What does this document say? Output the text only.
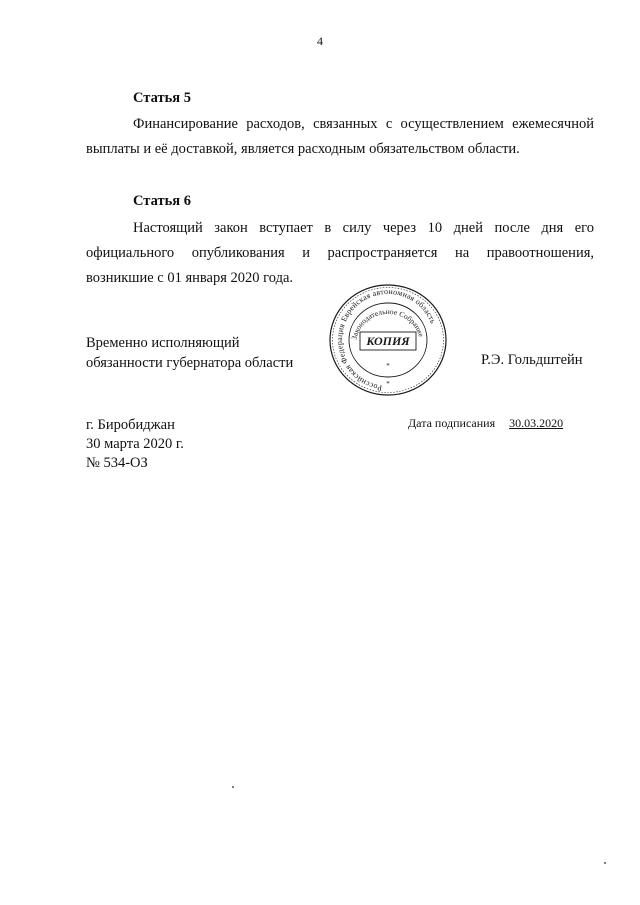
4
Статья 5
Финансирование расходов, связанных с осуществлением ежемесячной выплаты и её доставкой, является расходным обязательством области.
Статья 6
Настоящий закон вступает в силу через 10 дней после дня его официального опубликования и распространяется на правоотношения, возникшие с 01 января 2020 года.
Временно исполняющий
обязанности губернатора области
Российская Федерация Еврейская автономная область
Законодательное Собрание
КОПИЯ
*
*
Р.Э. Гольдштейн
г. Биробиджан
30 марта 2020 г.
№ 534-ОЗ
Дата подписания 30.03.2020
